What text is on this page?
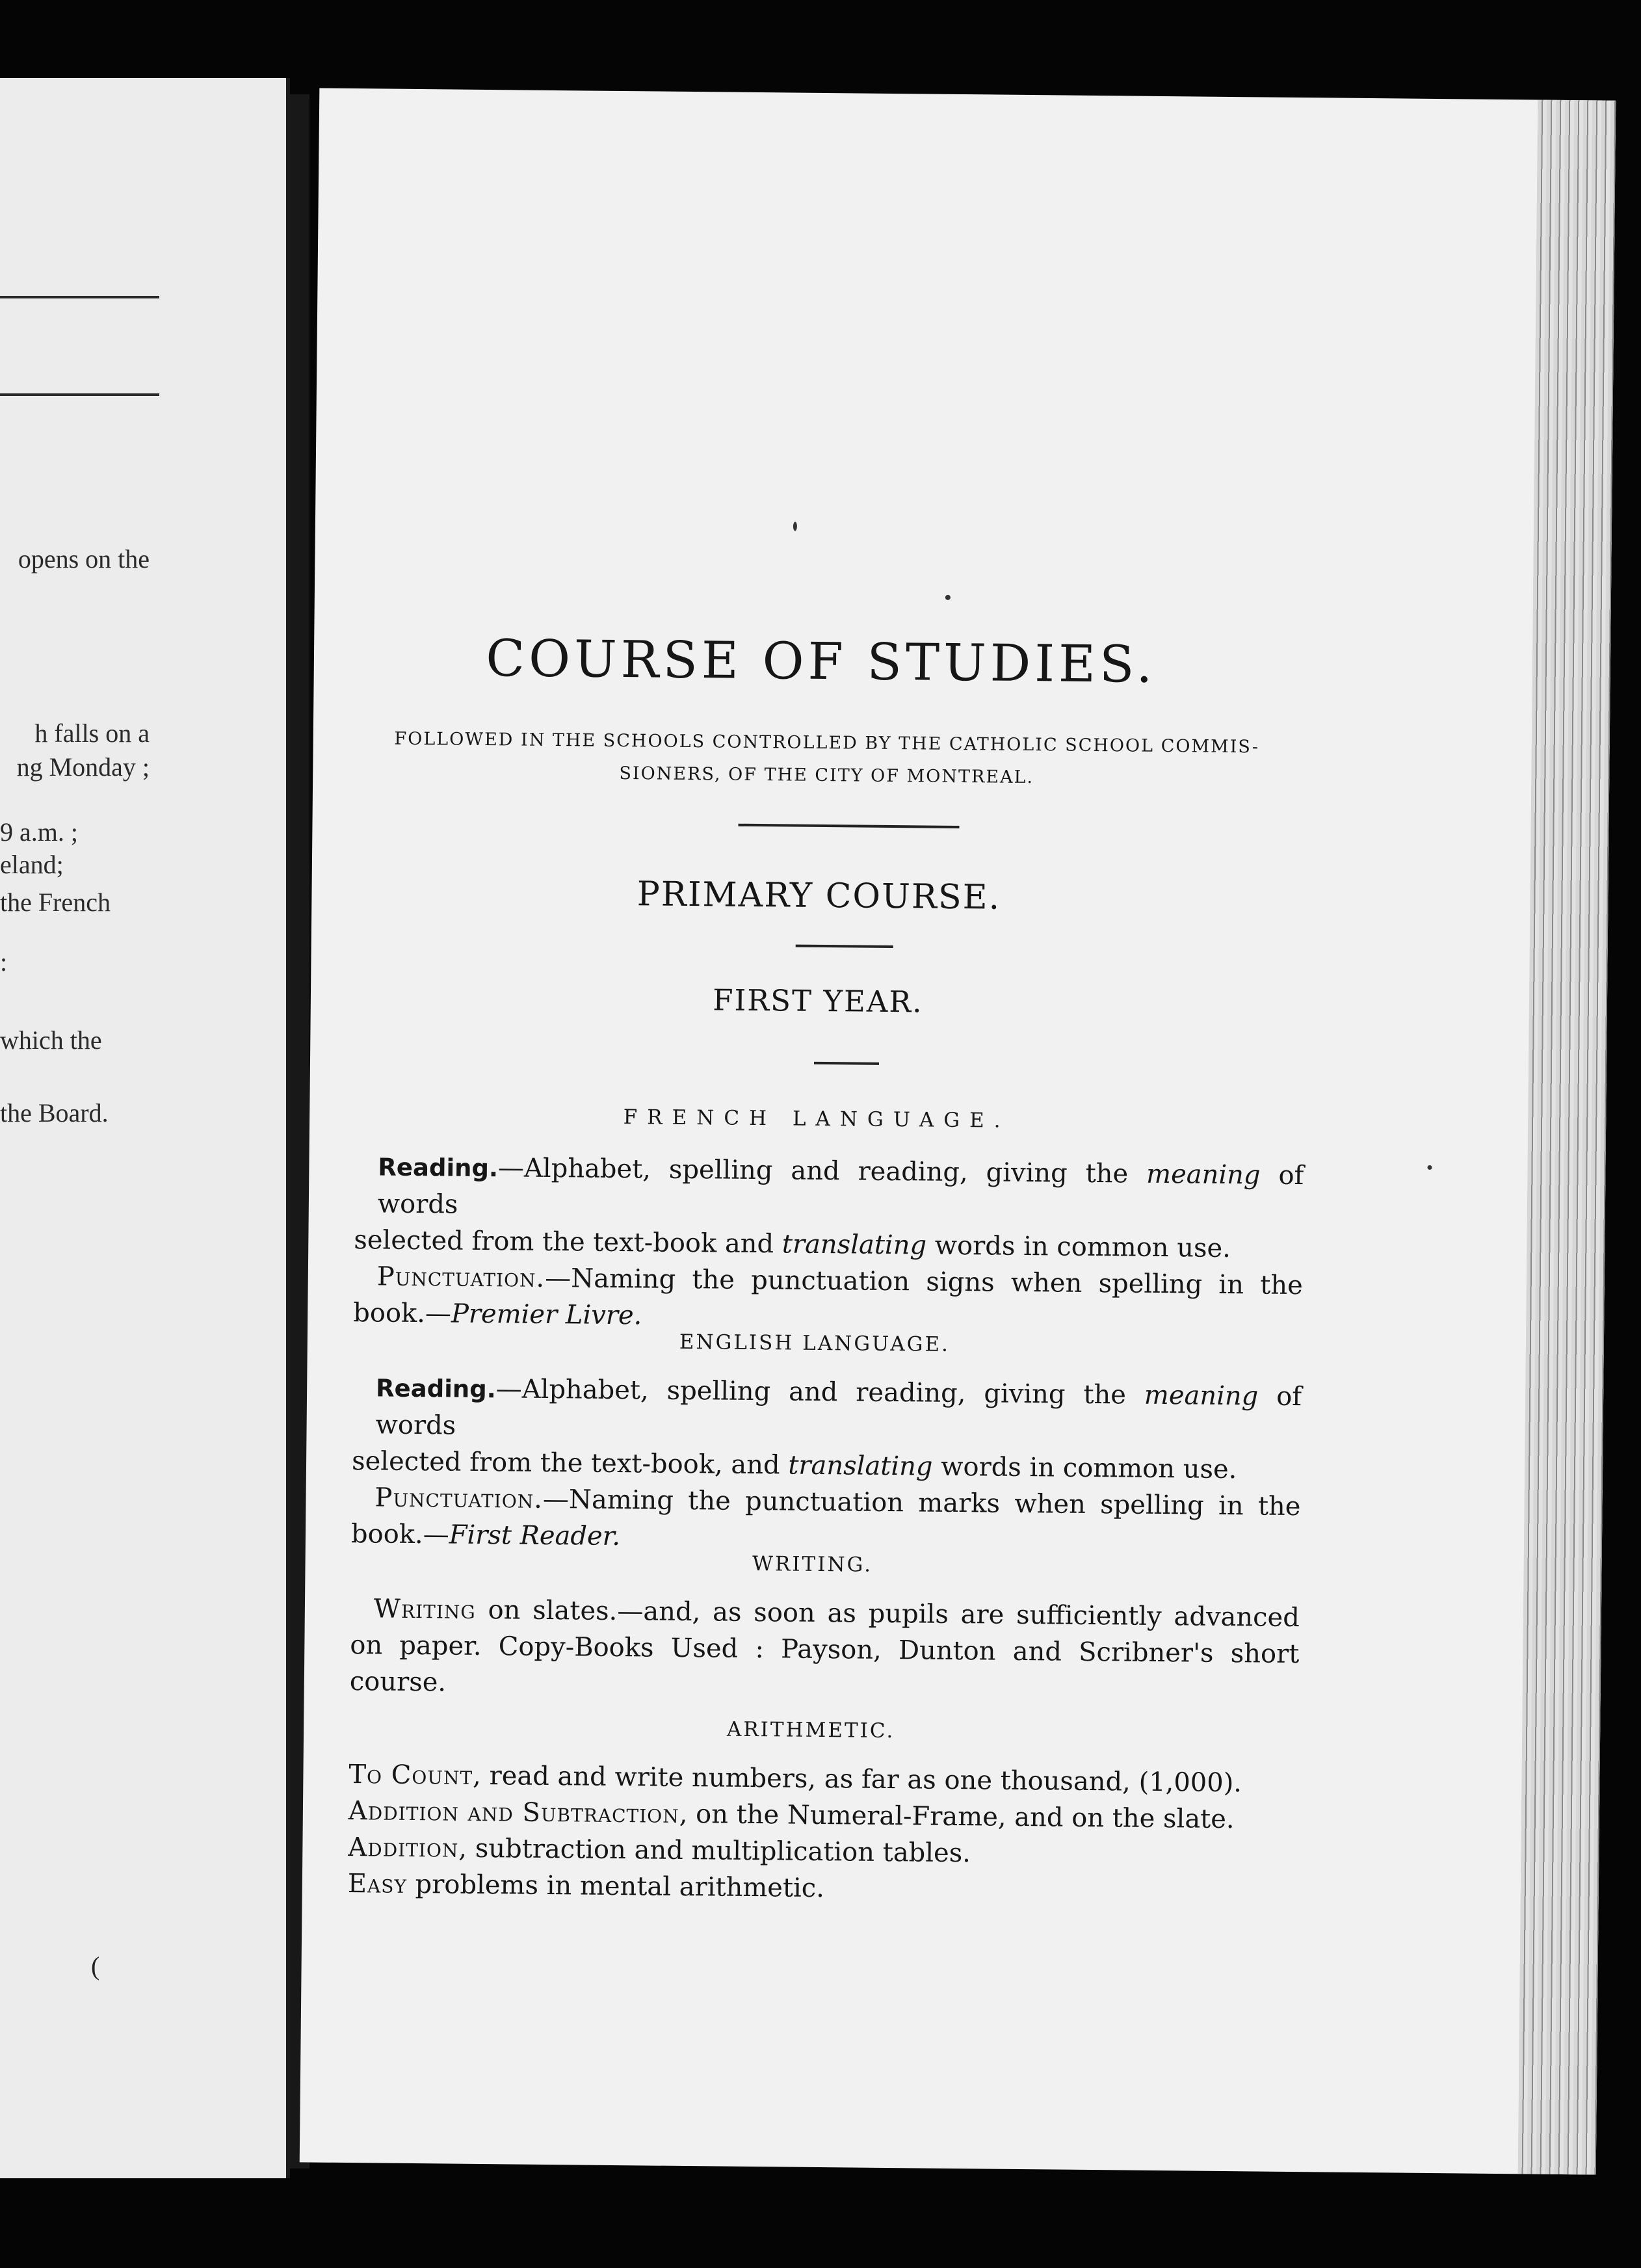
opens on the
h falls on a
ng Monday ;
9 a.m. ;
eland;
the French
:
which the
the Board.
(
COURSE OF STUDIES.
FOLLOWED IN THE SCHOOLS CONTROLLED BY THE CATHOLIC SCHOOL COMMIS-
SIONERS, OF THE CITY OF MONTREAL.
PRIMARY COURSE.
FIRST YEAR.
FRENCH LANGUAGE.
Reading.—Alphabet, spelling and reading, giving the meaning of words
selected from the text-book and translating words in common use.
Punctuation.—Naming the punctuation signs when spelling in the
book.—Premier Livre.
ENGLISH LANGUAGE.
Reading.—Alphabet, spelling and reading, giving the meaning of words
selected from the text-book, and translating words in common use.
Punctuation.—Naming the punctuation marks when spelling in the
book.—First Reader.
WRITING.
Writing on slates.—and, as soon as pupils are sufficiently advanced
on paper. Copy-Books Used : Payson, Dunton and Scribner's short course.
ARITHMETIC.
To Count, read and write numbers, as far as one thousand, (1,000).
Addition and Subtraction, on the Numeral-Frame, and on the slate.
Addition, subtraction and multiplication tables.
Easy problems in mental arithmetic.
